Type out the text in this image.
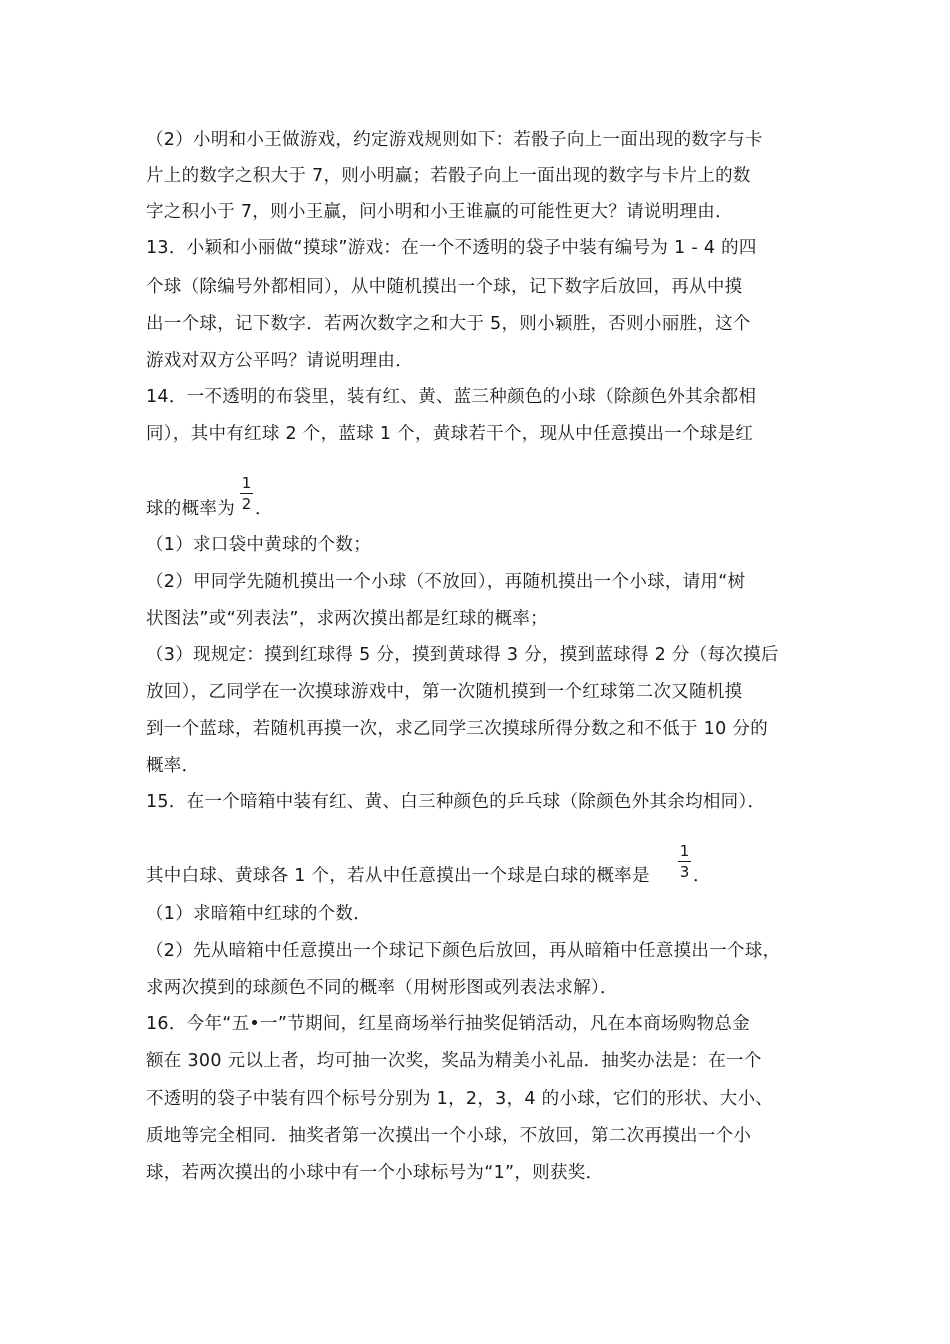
（2）小明和小王做游戏，约定游戏规则如下：若骰子向上一面出现的数字与卡
片上的数字之积大于 7，则小明赢；若骰子向上一面出现的数字与卡片上的数
字之积小于 7，则小王赢，问小明和小王谁赢的可能性更大？请说明理由．
13．小颖和小丽做“摸球”游戏：在一个不透明的袋子中装有编号为 1 - 4 的四
个球（除编号外都相同），从中随机摸出一个球，记下数字后放回，再从中摸
出一个球，记下数字．若两次数字之和大于 5，则小颖胜，否则小丽胜，这个
游戏对双方公平吗？请说明理由．
14．一不透明的布袋里，装有红、黄、蓝三种颜色的小球（除颜色外其余都相
同），其中有红球 2 个，蓝球 1 个，黄球若干个，现从中任意摸出一个球是红
球的概率为
1
2 ．
（1）求口袋中黄球的个数；
（2）甲同学先随机摸出一个小球（不放回），再随机摸出一个小球，请用“树
状图法”或“列表法”，求两次摸出都是红球的概率；
（3）现规定：摸到红球得 5 分，摸到黄球得 3 分，摸到蓝球得 2 分（每次摸后
放回），乙同学在一次摸球游戏中，第一次随机摸到一个红球第二次又随机摸
到一个蓝球，若随机再摸一次，求乙同学三次摸球所得分数之和不低于 10 分的
概率．
15．在一个暗箱中装有红、黄、白三种颜色的乒乓球（除颜色外其余均相同）．
其中白球、黄球各 1 个，若从中任意摸出一个球是白球的概率是
1
3 ．
（1）求暗箱中红球的个数．
（2）先从暗箱中任意摸出一个球记下颜色后放回，再从暗箱中任意摸出一个球，
求两次摸到的球颜色不同的概率（用树形图或列表法求解）．
16．今年“五•一”节期间，红星商场举行抽奖促销活动，凡在本商场购物总金
额在 300 元以上者，均可抽一次奖，奖品为精美小礼品．抽奖办法是：在一个
不透明的袋子中装有四个标号分别为 1，2，3，4 的小球，它们的形状、大小、
质地等完全相同．抽奖者第一次摸出一个小球，不放回，第二次再摸出一个小
球，若两次摸出的小球中有一个小球标号为“1”，则获奖．
